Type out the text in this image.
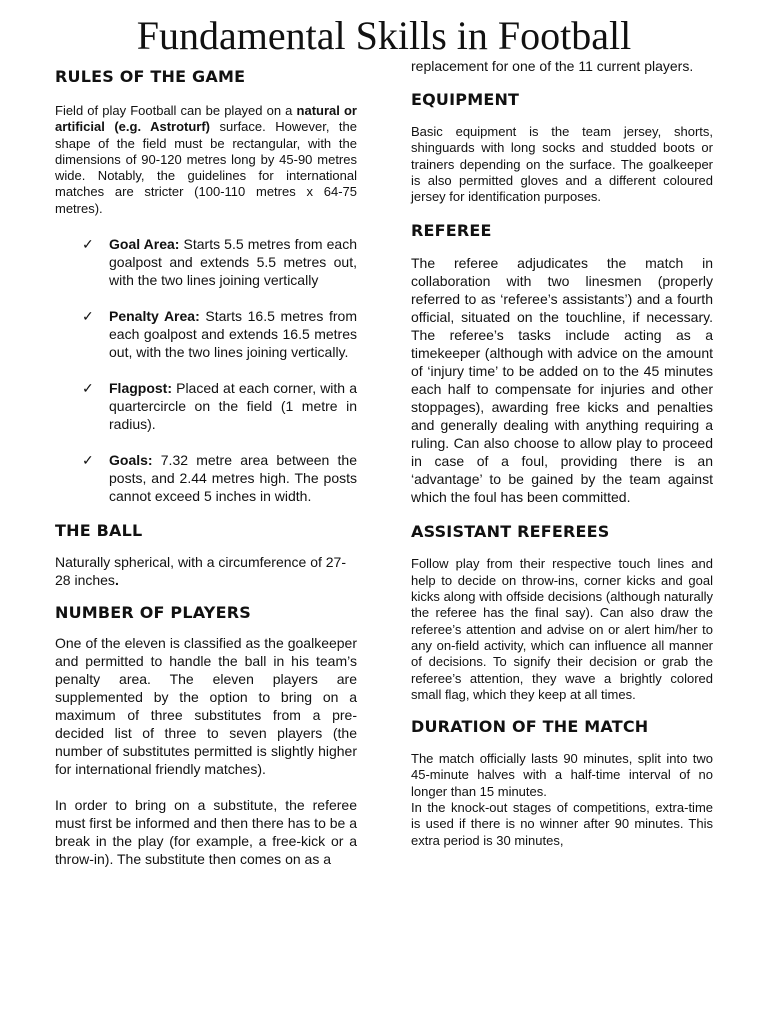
Fundamental Skills in Football
RULES OF THE GAME

Field of play Football can be played on a natural or artificial (e.g. Astroturf) surface. However, the shape of the field must be rectangular, with the dimensions of 90-120 metres long by 45-90 metres wide. Notably, the guidelines for international matches are stricter (100-110 metres x 64-75 metres).

✓ Goal Area: Starts 5.5 metres from each goalpost and extends 5.5 metres out, with the two lines joining vertically
✓ Penalty Area: Starts 16.5 metres from each goalpost and extends 16.5 metres out, with the two lines joining vertically.
✓ Flagpost: Placed at each corner, with a quartercircle on the field (1 metre in radius).
✓ Goals: 7.32 metre area between the posts, and 2.44 metres high. The posts cannot exceed 5 inches in width.
THE BALL

Naturally spherical, with a circumference of 27-28 inches.

NUMBER OF PLAYERS

One of the eleven is classified as the goalkeeper and permitted to handle the ball in his team’s penalty area. The eleven players are supplemented by the option to bring on a maximum of three substitutes from a pre-decided list of three to seven players (the number of substitutes permitted is slightly higher for international friendly matches).

In order to bring on a substitute, the referee must first be informed and then there has to be a break in the play (for example, a free-kick or a throw-in). The substitute then comes on as a

replacement for one of the 11 current players.

EQUIPMENT

Basic equipment is the team jersey, shorts, shinguards with long socks and studded boots or trainers depending on the surface. The goalkeeper is also permitted gloves and a different coloured jersey for identification purposes.

REFEREE

The referee adjudicates the match in collaboration with two linesmen (properly referred to as ‘referee’s assistants’) and a fourth official, situated on the touchline, if necessary. The referee’s tasks include acting as a timekeeper (although with advice on the amount of ‘injury time’ to be added on to the 45 minutes each half to compensate for injuries and other stoppages), awarding free kicks and penalties and generally dealing with anything requiring a ruling. Can also choose to allow play to proceed in case of a foul, providing there is an ‘advantage’ to be gained by the team against which the foul has been committed.

ASSISTANT REFEREES

Follow play from their respective touch lines and help to decide on throw-ins, corner kicks and goal kicks along with offside decisions (although naturally the referee has the final say). Can also draw the referee’s attention and advise on or alert him/her to any on-field activity, which can influence all manner of decisions. To signify their decision or grab the referee’s attention, they wave a brightly colored small flag, which they keep at all times.

DURATION OF THE MATCH

The match officially lasts 90 minutes, split into two 45-minute halves with a half-time interval of no longer than 15 minutes.

In the knock-out stages of competitions, extra-time is used if there is no winner after 90 minutes. This extra period is 30 minutes,
